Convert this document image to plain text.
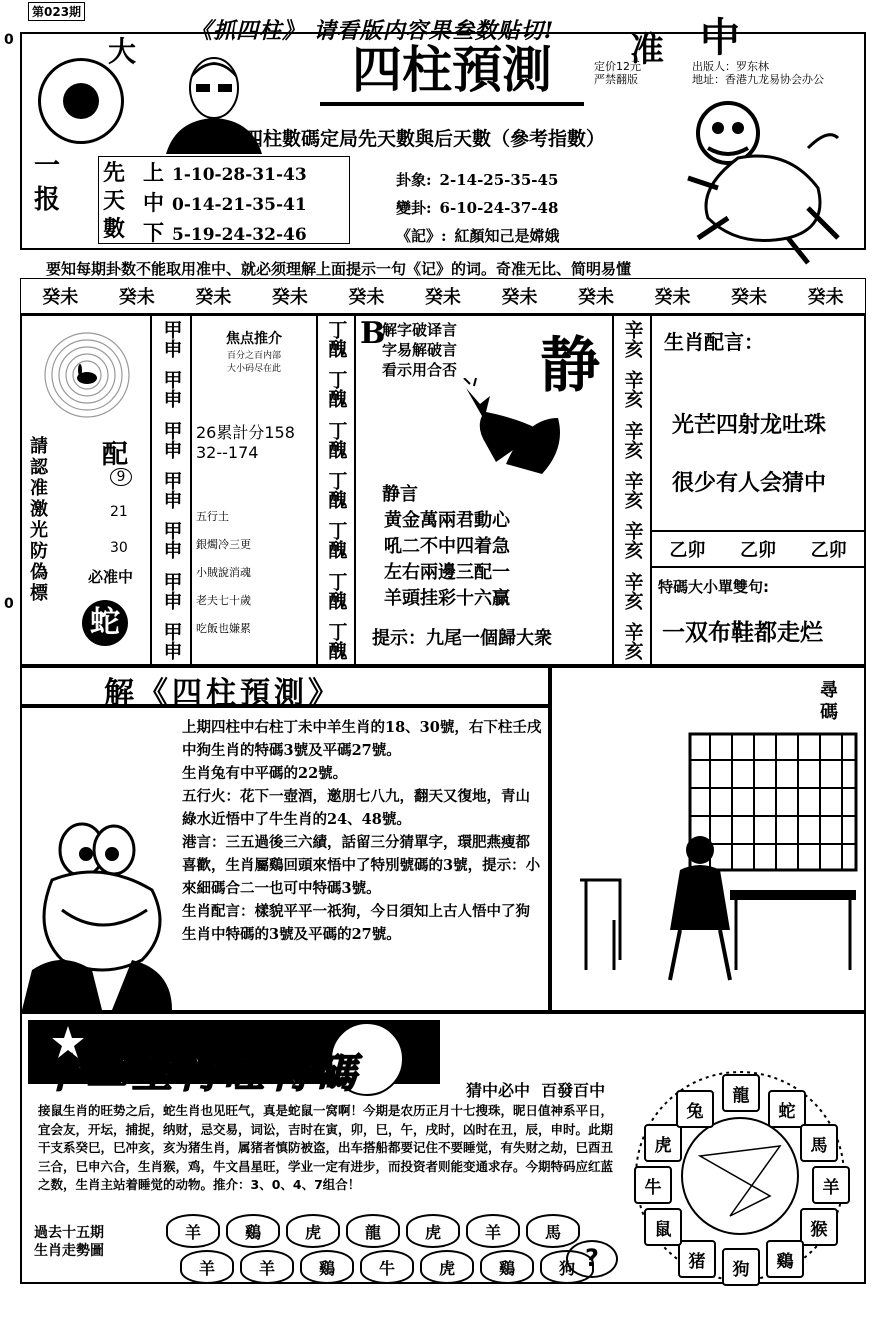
第023期
0
0
《抓四柱》 请看版内容果叁数贴切!
大	准 中
一报
四柱預測	定价12元
严禁翻版
出版人：罗东林
地址：香港九龙易协会办公
四柱數碼定局先天數與后天數（參考指數）
先
天
數
上 1-10-28-31-43
中 0-14-21-35-41
下 5-19-24-32-46
卦象: 2-14-25-35-45
變卦: 6-10-24-37-48
《記》: 紅顏知己是嫦娥
要知每期卦数不能取用准中、就必须理解上面提示一句《记》的词。奇准无比、简明易懂
癸未 癸未 癸未 癸未 癸未 癸未 癸未 癸未 癸未 癸未 癸未
請
認
准
激
光
防
偽
標
配
9
21
30
必准中
蛇
甲申
甲申
甲申
甲申
甲申
甲申
甲申
焦点推介
百分之百内部
大小码尽在此
26累計分158
32--174
五行土
銀燭冷三更
小賊說消魂
老夫七十歲
吃飯也嫌累
丁醜
丁醜
丁醜
丁醜
丁醜
丁醜
丁醜
B
解字破译言
字易解破言
看示用合否 静
静言
黄金萬兩君動心
吼二不中四着急
左右兩邊三配一
羊頭挂彩十六贏
提示：九尾一個歸大衆
辛亥
辛亥
辛亥
辛亥
辛亥
辛亥
辛亥
生肖配言：
光芒四射龙吐珠
很少有人会猜中
乙卯 乙卯 乙卯
特碼大小單雙句:
一双布鞋都走烂
解《四柱預測》

上期四柱中右柱丁未中羊生肖的18、30號，右下柱壬戌中狗生肖的特碼3號及平碼27號。

生肖兔有中平碼的22號。

五行火：花下一壺酒，邀朋七八九，翻天又復地，青山綠水近悟中了牛生肖的24、48號。

港言：三五過後三六績，話留三分猜單字，環肥燕瘦都喜歡，生肖屬鷄回頭來悟中了特別號碼的3號，提示：小來細碼合二一也可中特碼3號。

生肖配言：樣貌平平一祇狗，今日須知上古人悟中了狗生肖中特碼的3號及平碼的27號。

尋碼
十二生肖旺特碼	猜中必中  百發百中
接鼠生肖的旺势之后，蛇生肖也见旺气，真是蛇鼠一窝啊！今期是农历正月十七搜珠，昵日值神系平日，宜会友，开坛，捕捉，纳财，忌交易，词讼，吉时在寅，卯，巳，午，戌时，凶时在丑，辰，申时。此期干支系癸巳，巳冲亥，亥为猪生肖，属猪者慎防被盗，出车搭船都要记住不要睡觉，有失财之劫，巳酉丑三合，巳申六合，生肖猴，鸡，牛文昌星旺，学业一定有进步，而投资者则能变通求存。今期特码应红蓝之数，生肖主站着睡觉的动物。推介：3、0、4、7组合！
過去十五期
生肖走勢圖
羊	鷄	虎	龍	虎	羊	馬
羊	羊	鷄	牛	虎	鷄	狗 ?
龍
蛇
馬
羊
猴
鷄
狗
猪
鼠
牛
虎
兔
